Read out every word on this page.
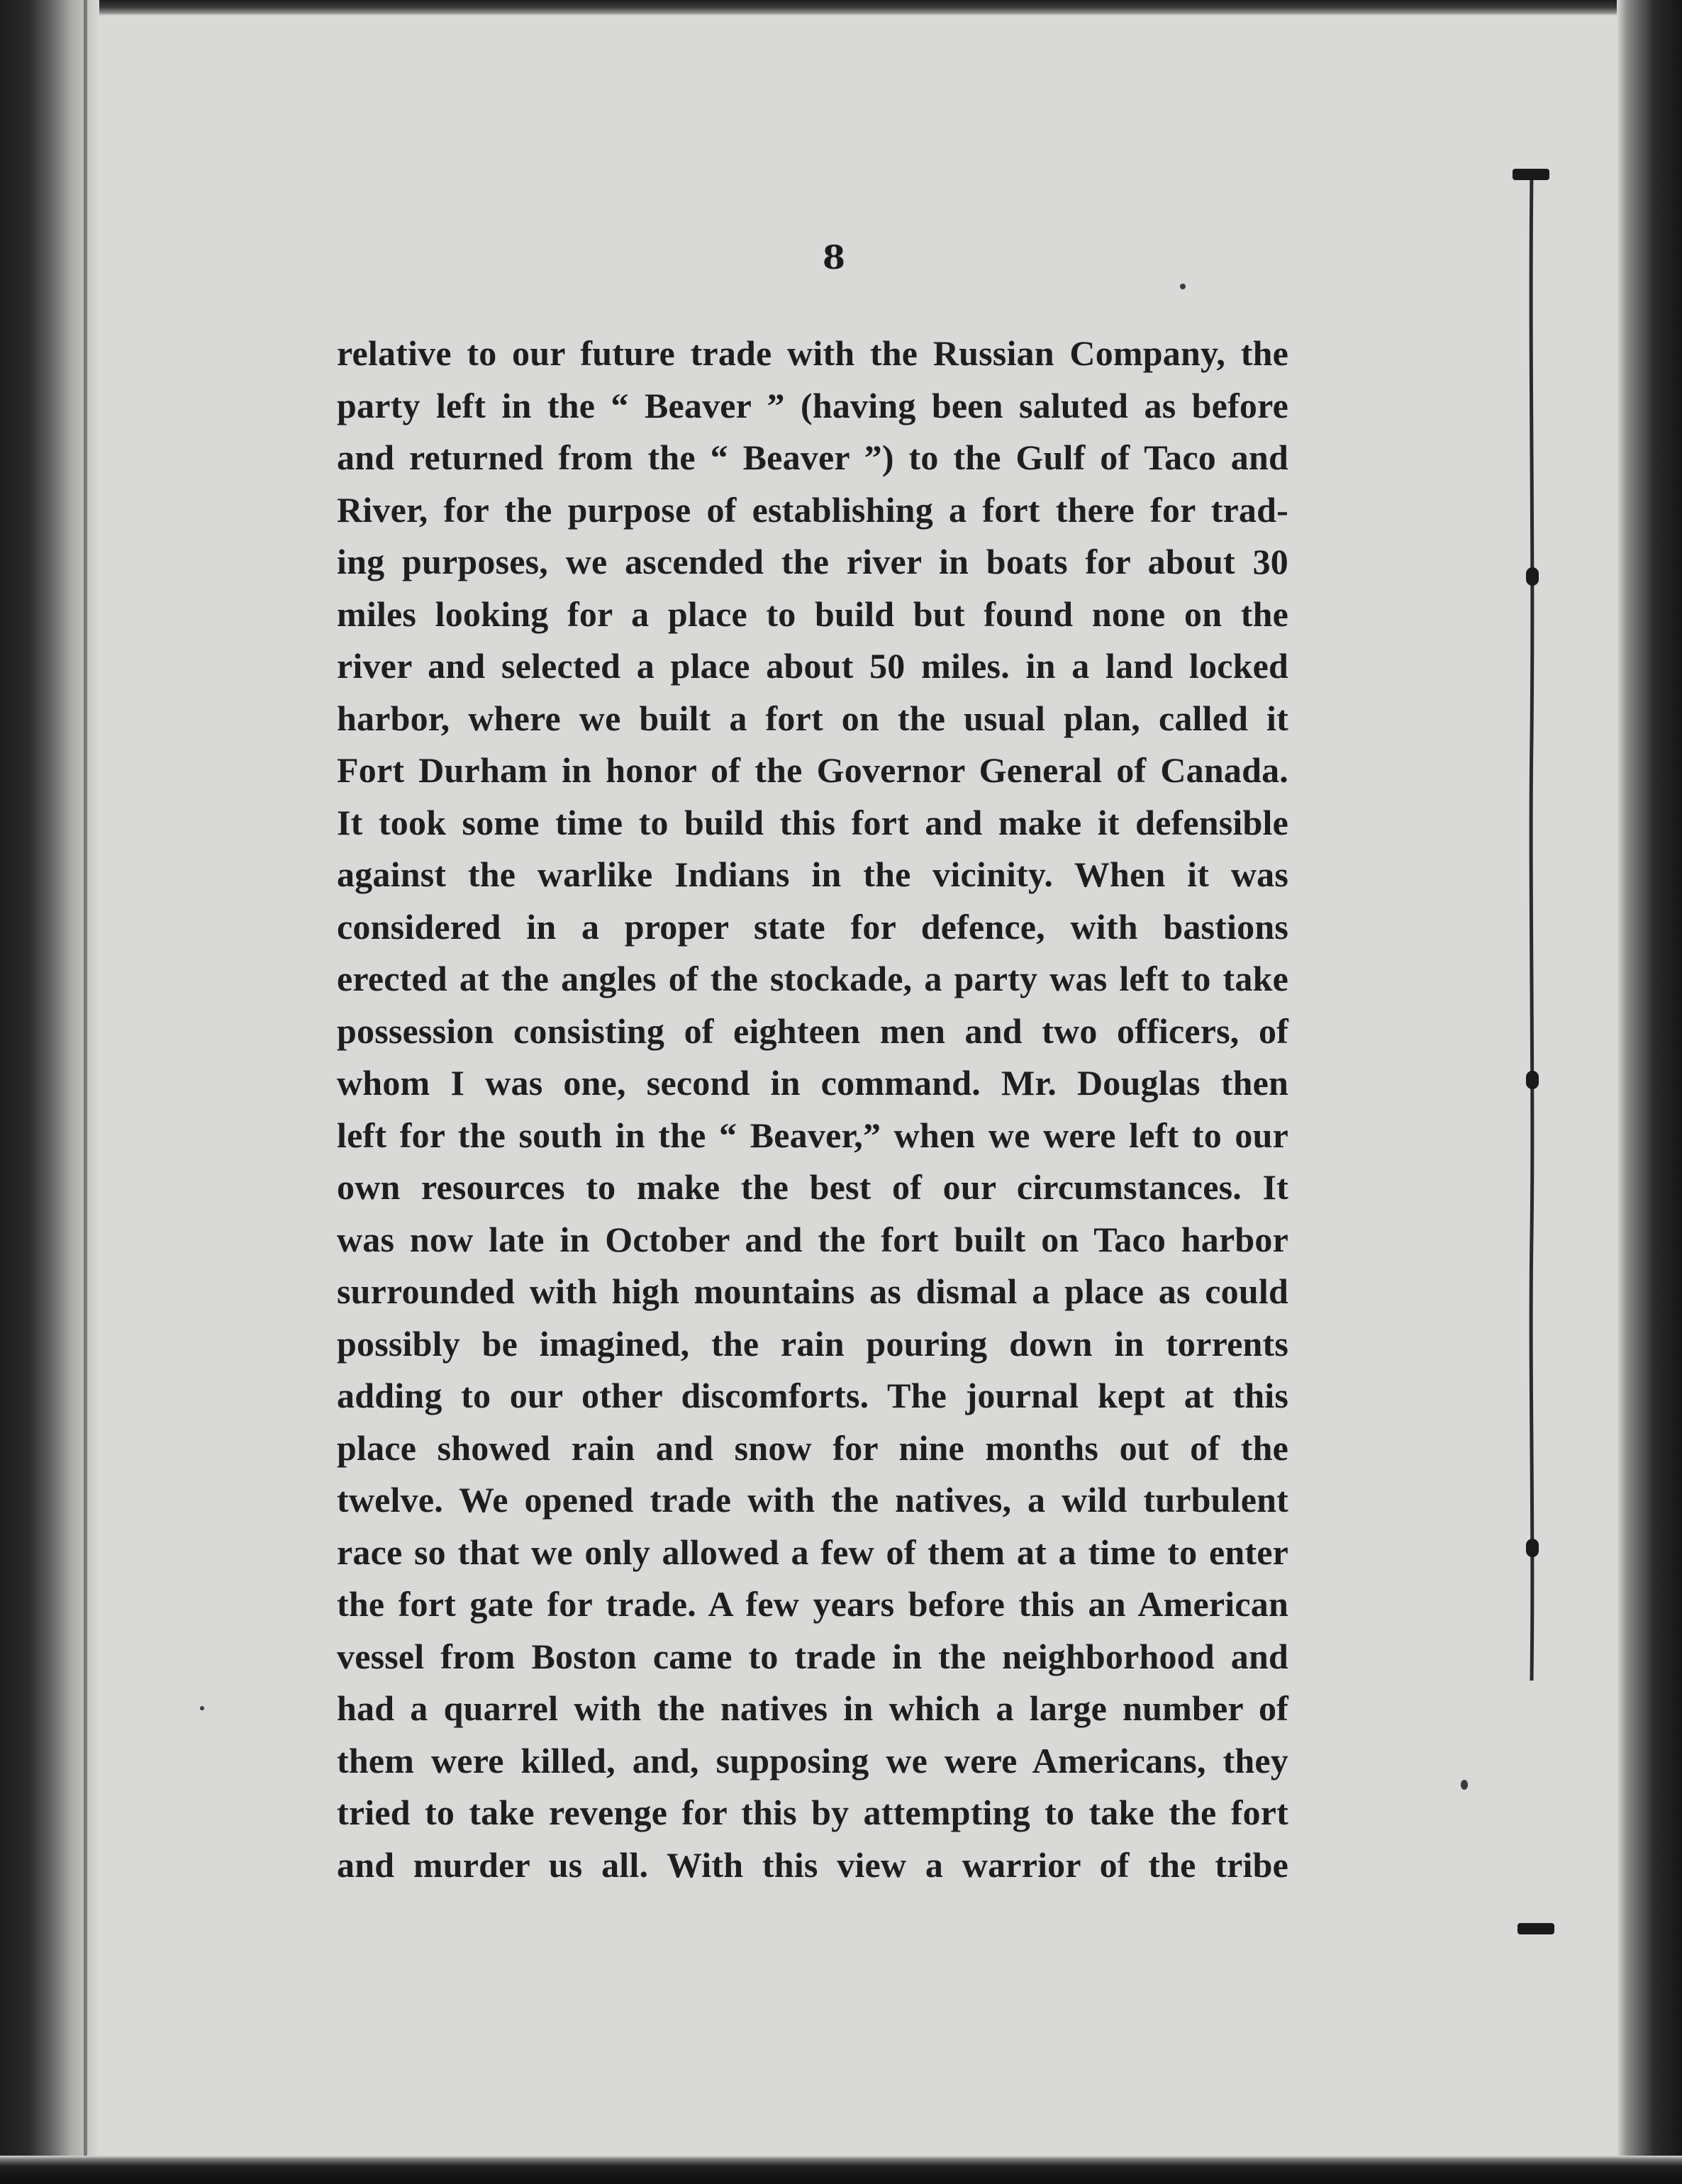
8
relative to our future trade with the Russian Company, the
party left in the “ Beaver ” (having been saluted as before
and returned from the “ Beaver ”) to the Gulf of Taco and
River, for the purpose of establishing a fort there for trad-
ing purposes, we ascended the river in boats for about 30
miles looking for a place to build but found none on the
river and selected a place about 50 miles. in a land locked
harbor, where we built a fort on the usual plan, called it
Fort Durham in honor of the Governor General of Canada.
It took some time to build this fort and make it defensible
against the warlike Indians in the vicinity. When it was
considered in a proper state for defence, with bastions
erected at the angles of the stockade, a party was left to take
possession consisting of eighteen men and two officers, of
whom I was one, second in command. Mr. Douglas then
left for the south in the “ Beaver,” when we were left to our
own resources to make the best of our circumstances. It
was now late in October and the fort built on Taco harbor
surrounded with high mountains as dismal a place as could
possibly be imagined, the rain pouring down in torrents
adding to our other discomforts. The journal kept at this
place showed rain and snow for nine months out of the
twelve. We opened trade with the natives, a wild turbulent
race so that we only allowed a few of them at a time to enter
the fort gate for trade. A few years before this an American
vessel from Boston came to trade in the neighborhood and
had a quarrel with the natives in which a large number of
them were killed, and, supposing we were Americans, they
tried to take revenge for this by attempting to take the fort
and murder us all. With this view a warrior of the tribe
